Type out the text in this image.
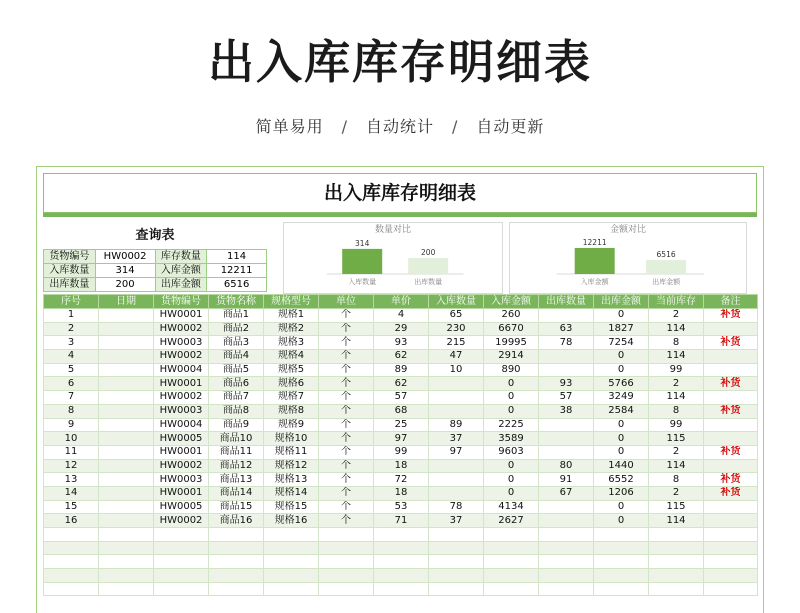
出入库库存明细表
简单易用 / 自动统计 / 自动更新
出入库库存明细表
查询表
货物编号	HW0002	库存数量	114
入库数量	314	入库金额	12211
出库数量	200	出库金额	6516
数量对比
314
入库数量
200
出库数量
金额对比
12211
入库金额
6516
出库金额
序号	日期	货物编号	货物名称	规格型号	单位	单价	入库数量	入库金额	出库数量	出库金额	当前库存	备注
1		HW0001	商品1	规格1	个	4	65	260		0	2	补货
2		HW0002	商品2	规格2	个	29	230	6670	63	1827	114	
3		HW0003	商品3	规格3	个	93	215	19995	78	7254	8	补货
4		HW0002	商品4	规格4	个	62	47	2914		0	114	
5		HW0004	商品5	规格5	个	89	10	890		0	99	
6		HW0001	商品6	规格6	个	62		0	93	5766	2	补货
7		HW0002	商品7	规格7	个	57		0	57	3249	114	
8		HW0003	商品8	规格8	个	68		0	38	2584	8	补货
9		HW0004	商品9	规格9	个	25	89	2225		0	99	
10		HW0005	商品10	规格10	个	97	37	3589		0	115	
11		HW0001	商品11	规格11	个	99	97	9603		0	2	补货
12		HW0002	商品12	规格12	个	18		0	80	1440	114	
13		HW0003	商品13	规格13	个	72		0	91	6552	8	补货
14		HW0001	商品14	规格14	个	18		0	67	1206	2	补货
15		HW0005	商品15	规格15	个	53	78	4134		0	115	
16		HW0002	商品16	规格16	个	71	37	2627		0	114	
